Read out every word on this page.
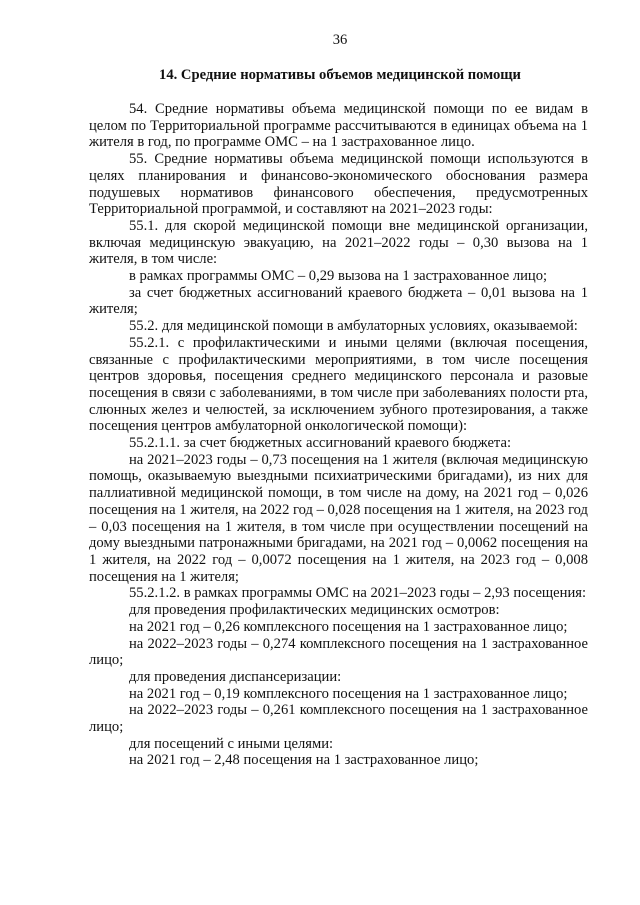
36
14. Средние нормативы объемов медицинской помощи

54. Средние нормативы объема медицинской помощи по ее видам в целом по Территориальной программе рассчитываются в единицах объема на 1 жителя в год, по программе ОМС – на 1 застрахованное лицо.

55. Средние нормативы объема медицинской помощи используются в целях планирования и финансово-экономического обоснования размера подушевых нормативов финансового обеспечения, предусмотренных Территориальной программой, и составляют на 2021–2023 годы:

55.1. для скорой медицинской помощи вне медицинской организации, включая медицинскую эвакуацию, на 2021–2022 годы – 0,30 вызова на 1 жителя, в том числе:

в рамках программы ОМС – 0,29 вызова на 1 застрахованное лицо;

за счет бюджетных ассигнований краевого бюджета – 0,01 вызова на 1 жителя;

55.2. для медицинской помощи в амбулаторных условиях, оказываемой:

55.2.1. с профилактическими и иными целями (включая посещения, связанные с профилактическими мероприятиями, в том числе посещения центров здоровья, посещения среднего медицинского персонала и разовые посещения в связи с заболеваниями, в том числе при заболеваниях полости рта, слюнных желез и челюстей, за исключением зубного протезирования, а также посещения центров амбулаторной онкологической помощи):

55.2.1.1. за счет бюджетных ассигнований краевого бюджета:

на 2021–2023 годы – 0,73 посещения на 1 жителя (включая медицинскую помощь, оказываемую выездными психиатрическими бригадами), из них для паллиативной медицинской помощи, в том числе на дому, на 2021 год – 0,026 посещения на 1 жителя, на 2022 год – 0,028 посещения на 1 жителя, на 2023 год – 0,03 посещения на 1 жителя, в том числе при осуществлении посещений на дому выездными патронажными бригадами, на 2021 год – 0,0062 посещения на 1 жителя, на 2022 год – 0,0072 посещения на 1 жителя, на 2023 год – 0,008 посещения на 1 жителя;

55.2.1.2. в рамках программы ОМС на 2021–2023 годы – 2,93 посещения:

для проведения профилактических медицинских осмотров:

на 2021 год – 0,26 комплексного посещения на 1 застрахованное лицо;

на 2022–2023 годы – 0,274 комплексного посещения на 1 застрахованное лицо;

для проведения диспансеризации:

на 2021 год – 0,19 комплексного посещения на 1 застрахованное лицо;

на 2022–2023 годы – 0,261 комплексного посещения на 1 застрахованное лицо;

для посещений с иными целями:

на 2021 год – 2,48 посещения на 1 застрахованное лицо;
